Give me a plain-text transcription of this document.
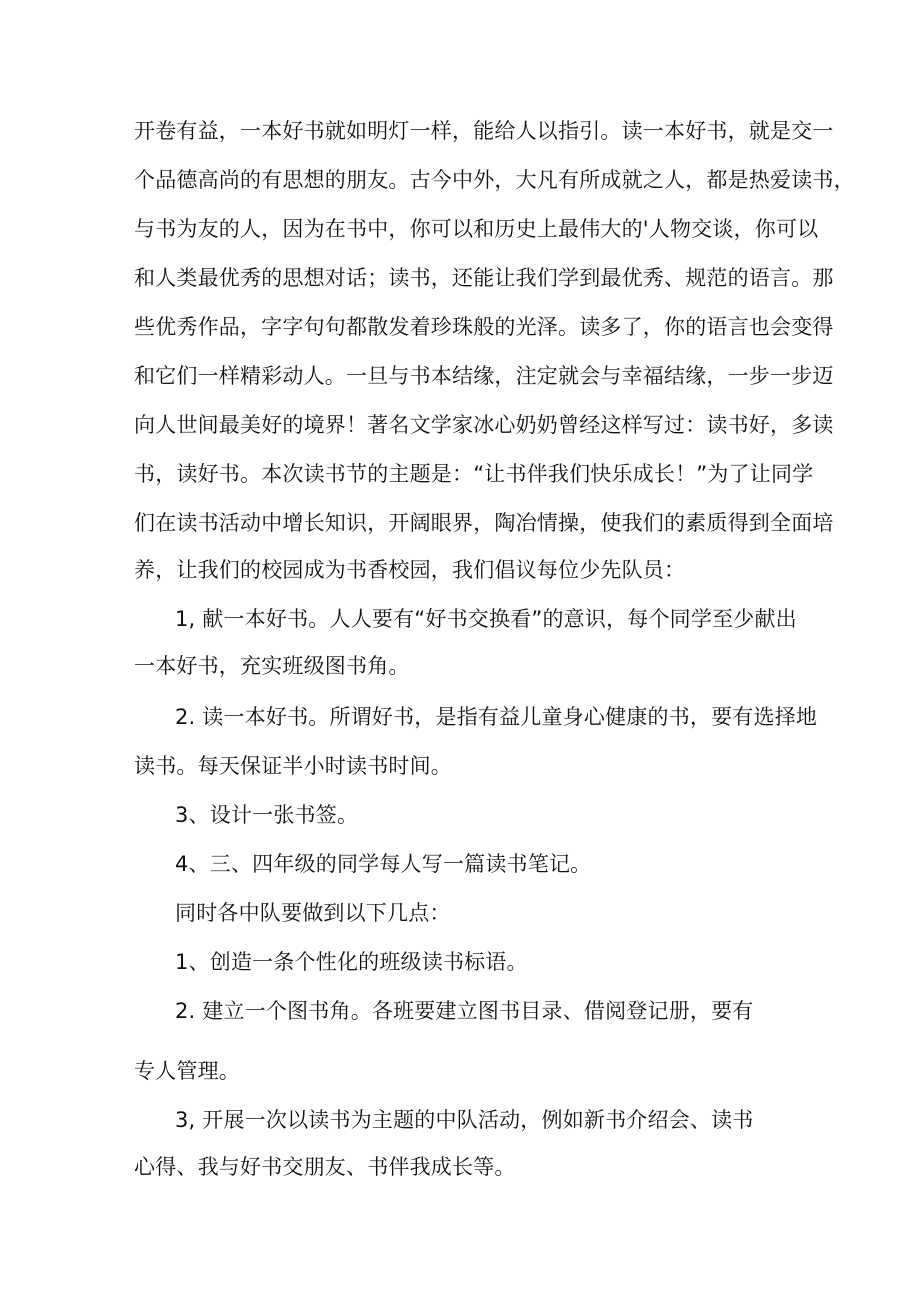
开卷有益，一本好书就如明灯一样，能给人以指引。读一本好书，就是交一
个品德高尚的有思想的朋友。古今中外，大凡有所成就之人，都是热爱读书，
与书为友的人，因为在书中，你可以和历史上最伟大的'人物交谈，你可以
和人类最优秀的思想对话；读书，还能让我们学到最优秀、规范的语言。那
些优秀作品，字字句句都散发着珍珠般的光泽。读多了，你的语言也会变得
和它们一样精彩动人。一旦与书本结缘，注定就会与幸福结缘，一步一步迈
向人世间最美好的境界！著名文学家冰心奶奶曾经这样写过：读书好，多读
书，读好书。本次读书节的主题是：“让书伴我们快乐成长！”为了让同学
们在读书活动中增长知识，开阔眼界，陶冶情操，使我们的素质得到全面培
养，让我们的校园成为书香校园，我们倡议每位少先队员：
1, 献一本好书。人人要有“好书交换看”的意识，每个同学至少献出
一本好书，充实班级图书角。
2. 读一本好书。所谓好书，是指有益儿童身心健康的书，要有选择地
读书。每天保证半小时读书时间。
3、设计一张书签。
4、三、四年级的同学每人写一篇读书笔记。
同时各中队要做到以下几点：
1、创造一条个性化的班级读书标语。
2. 建立一个图书角。各班要建立图书目录、借阅登记册，要有
专人管理。
3, 开展一次以读书为主题的中队活动，例如新书介绍会、读书
心得、我与好书交朋友、书伴我成长等。
